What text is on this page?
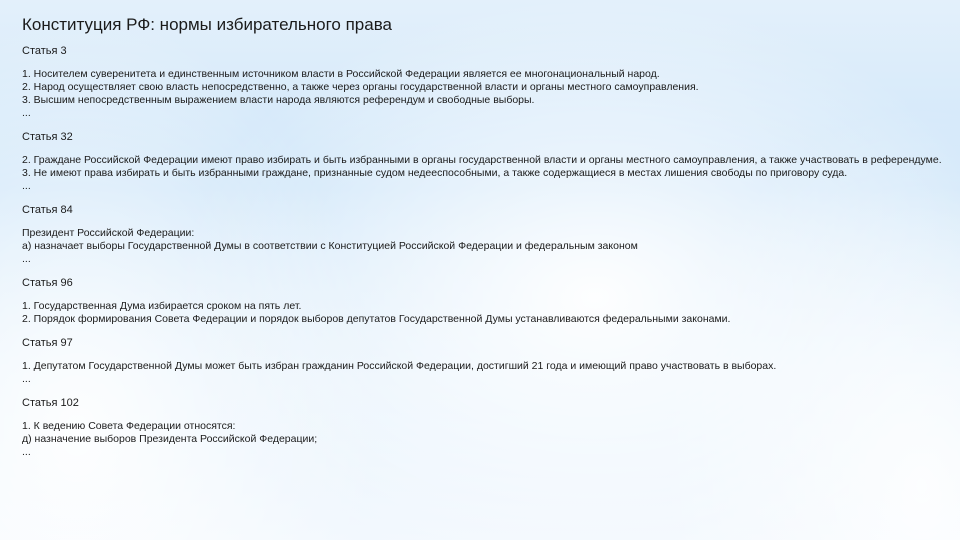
Конституция РФ: нормы избирательного права

Статья 3

1. Носителем суверенитета и единственным источником власти в Российской Федерации является ее многонациональный народ.

2. Народ осуществляет свою власть непосредственно, а также через органы государственной власти и органы местного самоуправления.

3. Высшим непосредственным выражением власти народа являются референдум и свободные выборы.

...

Статья 32

2. Граждане Российской Федерации имеют право избирать и быть избранными в органы государственной власти и органы местного самоуправления, а также участвовать в референдуме.

3. Не имеют права избирать и быть избранными граждане, признанные судом недееспособными, а также содержащиеся в местах лишения свободы по приговору суда.

...

Статья 84

Президент Российской Федерации:

а) назначает выборы Государственной Думы в соответствии с Конституцией Российской Федерации и федеральным законом

...

Статья 96

1. Государственная Дума избирается сроком на пять лет.

2. Порядок формирования Совета Федерации и порядок выборов депутатов Государственной Думы устанавливаются федеральными законами.

Статья 97

1. Депутатом Государственной Думы может быть избран гражданин Российской Федерации, достигший 21 года и имеющий право участвовать в выборах.

...

Статья 102

1. К ведению Совета Федерации относятся:

д) назначение выборов Президента Российской Федерации;

...
